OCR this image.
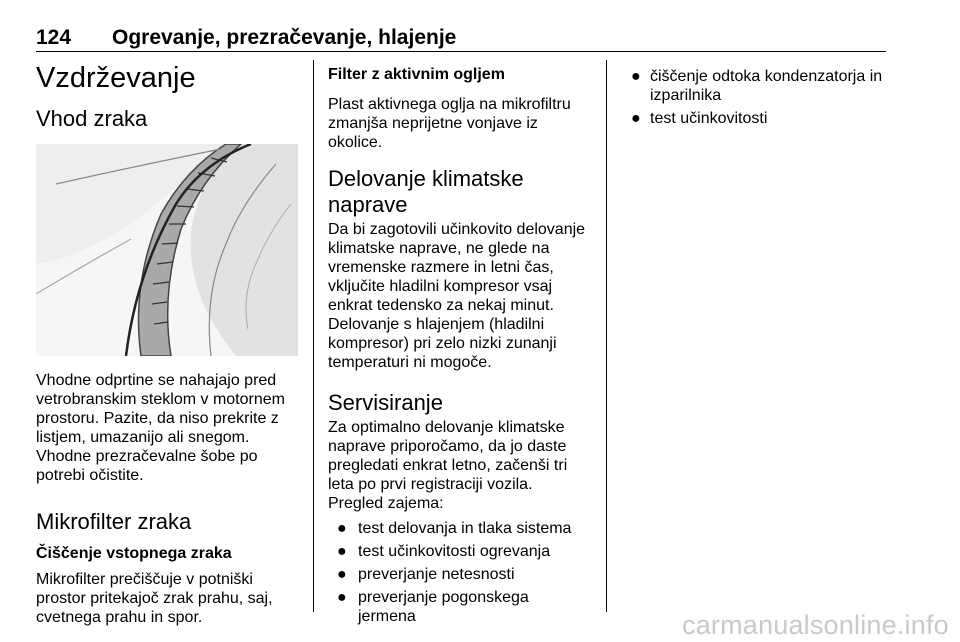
124 Ogrevanje, prezračevanje, hlajenje
Vzdrževanje
Vhod zraka

Vhodne odprtine se nahajajo pred vetrobranskim steklom v motornem prostoru. Pazite, da niso prekrite z listjem, umazanijo ali snegom. Vhodne prezračevalne šobe po potrebi očistite.

Mikrofilter zraka
Čiščenje vstopnega zraka

Mikrofilter prečiščuje v potniški prostor pritekajoč zrak prahu, saj, cvetnega prahu in spor.

Filter z aktivnim ogljem

Plast aktivnega oglja na mikrofiltru zmanjša neprijetne vonjave iz okolice.

Delovanje klimatske naprave

Da bi zagotovili učinkovito delovanje klimatske naprave, ne glede na vremenske razmere in letni čas, vključite hladilni kompresor vsaj enkrat tedensko za nekaj minut. Delovanje s hlajenjem (hladilni kompresor) pri zelo nizki zunanji temperaturi ni mogoče.

Servisiranje

Za optimalno delovanje klimatske naprave priporočamo, da jo daste pregledati enkrat letno, začenši tri leta po prvi registraciji vozila. Pregled zajema:

● test delovanja in tlaka sistema
● test učinkovitosti ogrevanja
● preverjanje netesnosti
● preverjanje pogonskega jermena
● čiščenje odtoka kondenzatorja in izparilnika
● test učinkovitosti
carmanualsonline.info
